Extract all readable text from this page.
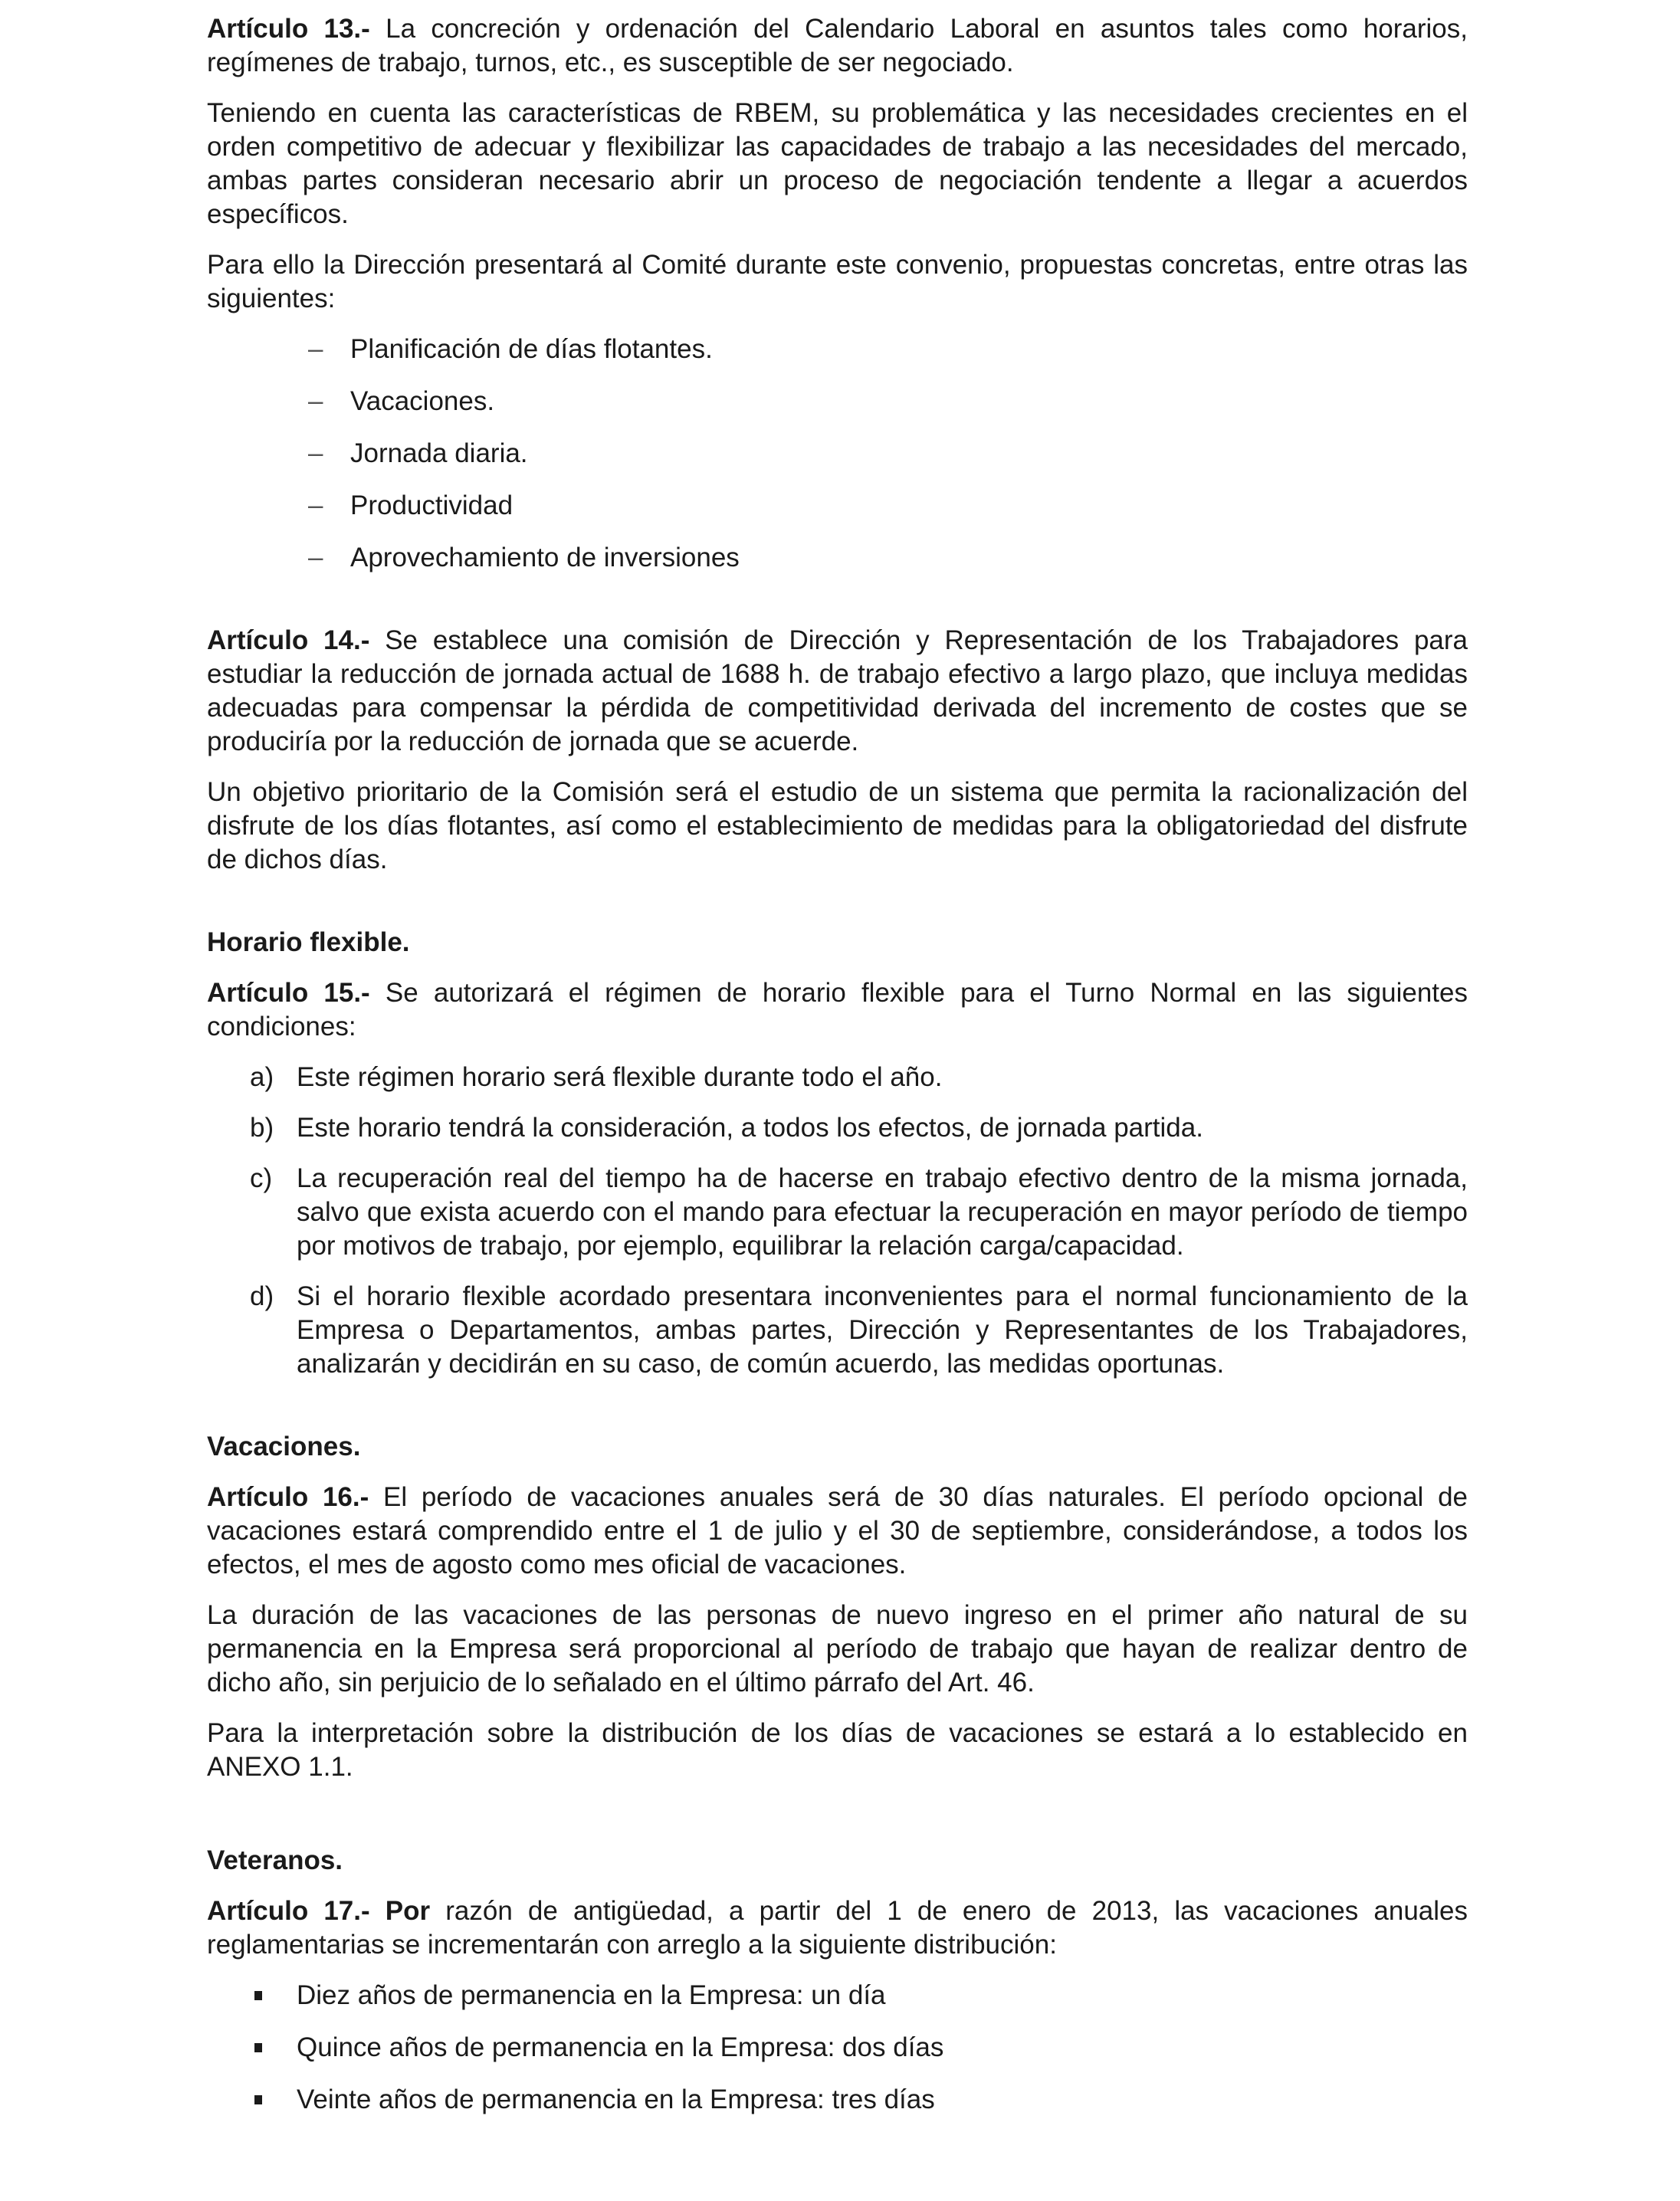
Artículo 13.- La concreción y ordenación del Calendario Laboral en asuntos tales como horarios, regímenes de trabajo, turnos, etc., es susceptible de ser negociado.

Teniendo en cuenta las características de RBEM, su problemática y las necesidades crecientes en el orden competitivo de adecuar y flexibilizar las capacidades de trabajo a las necesidades del mercado, ambas partes consideran necesario abrir un proceso de negociación tendente a llegar a acuerdos específicos.

Para ello la Dirección presentará al Comité durante este convenio, propuestas concretas, entre otras las siguientes:

– Planificación de días flotantes.
– Vacaciones.
– Jornada diaria.
– Productividad
– Aprovechamiento de inversiones

Artículo 14.- Se establece una comisión de Dirección y Representación de los Trabajadores para estudiar la reducción de jornada actual de 1688 h. de trabajo efectivo a largo plazo, que incluya medidas adecuadas para compensar la pérdida de competitividad derivada del incremento de costes que se produciría por la reducción de jornada que se acuerde.

Un objetivo prioritario de la Comisión será el estudio de un sistema que permita la racionalización del disfrute de los días flotantes, así como el establecimiento de medidas para la obligatoriedad del disfrute de dichos días.

Horario flexible.

Artículo 15.- Se autorizará el régimen de horario flexible para el Turno Normal en las siguientes condiciones:

a) Este régimen horario será flexible durante todo el año.

b) Este horario tendrá la consideración, a todos los efectos, de jornada partida.

c) La recuperación real del tiempo ha de hacerse en trabajo efectivo dentro de la misma jornada, salvo que exista acuerdo con el mando para efectuar la recuperación en mayor período de tiempo por motivos de trabajo, por ejemplo, equilibrar la relación carga/capacidad.

d) Si el horario flexible acordado presentara inconvenientes para el normal funcionamiento de la Empresa o Departamentos, ambas partes, Dirección y Representantes de los Trabajadores, analizarán y decidirán en su caso, de común acuerdo, las medidas oportunas.

Vacaciones.

Artículo 16.- El período de vacaciones anuales será de 30 días naturales. El período opcional de vacaciones estará comprendido entre el 1 de julio y el 30 de septiembre, considerándose, a todos los efectos, el mes de agosto como mes oficial de vacaciones.

La duración de las vacaciones de las personas de nuevo ingreso en el primer año natural de su permanencia en la Empresa será proporcional al período de trabajo que hayan de realizar dentro de dicho año, sin perjuicio de lo señalado en el último párrafo del Art. 46.

Para la interpretación sobre la distribución de los días de vacaciones se estará a lo establecido en ANEXO 1.1.

Veteranos.

Artículo 17.- Por razón de antigüedad, a partir del 1 de enero de 2013, las vacaciones anuales reglamentarias se incrementarán con arreglo a la siguiente distribución:

Diez años de permanencia en la Empresa: un día
Quince años de permanencia en la Empresa: dos días
Veinte años de permanencia en la Empresa: tres días
